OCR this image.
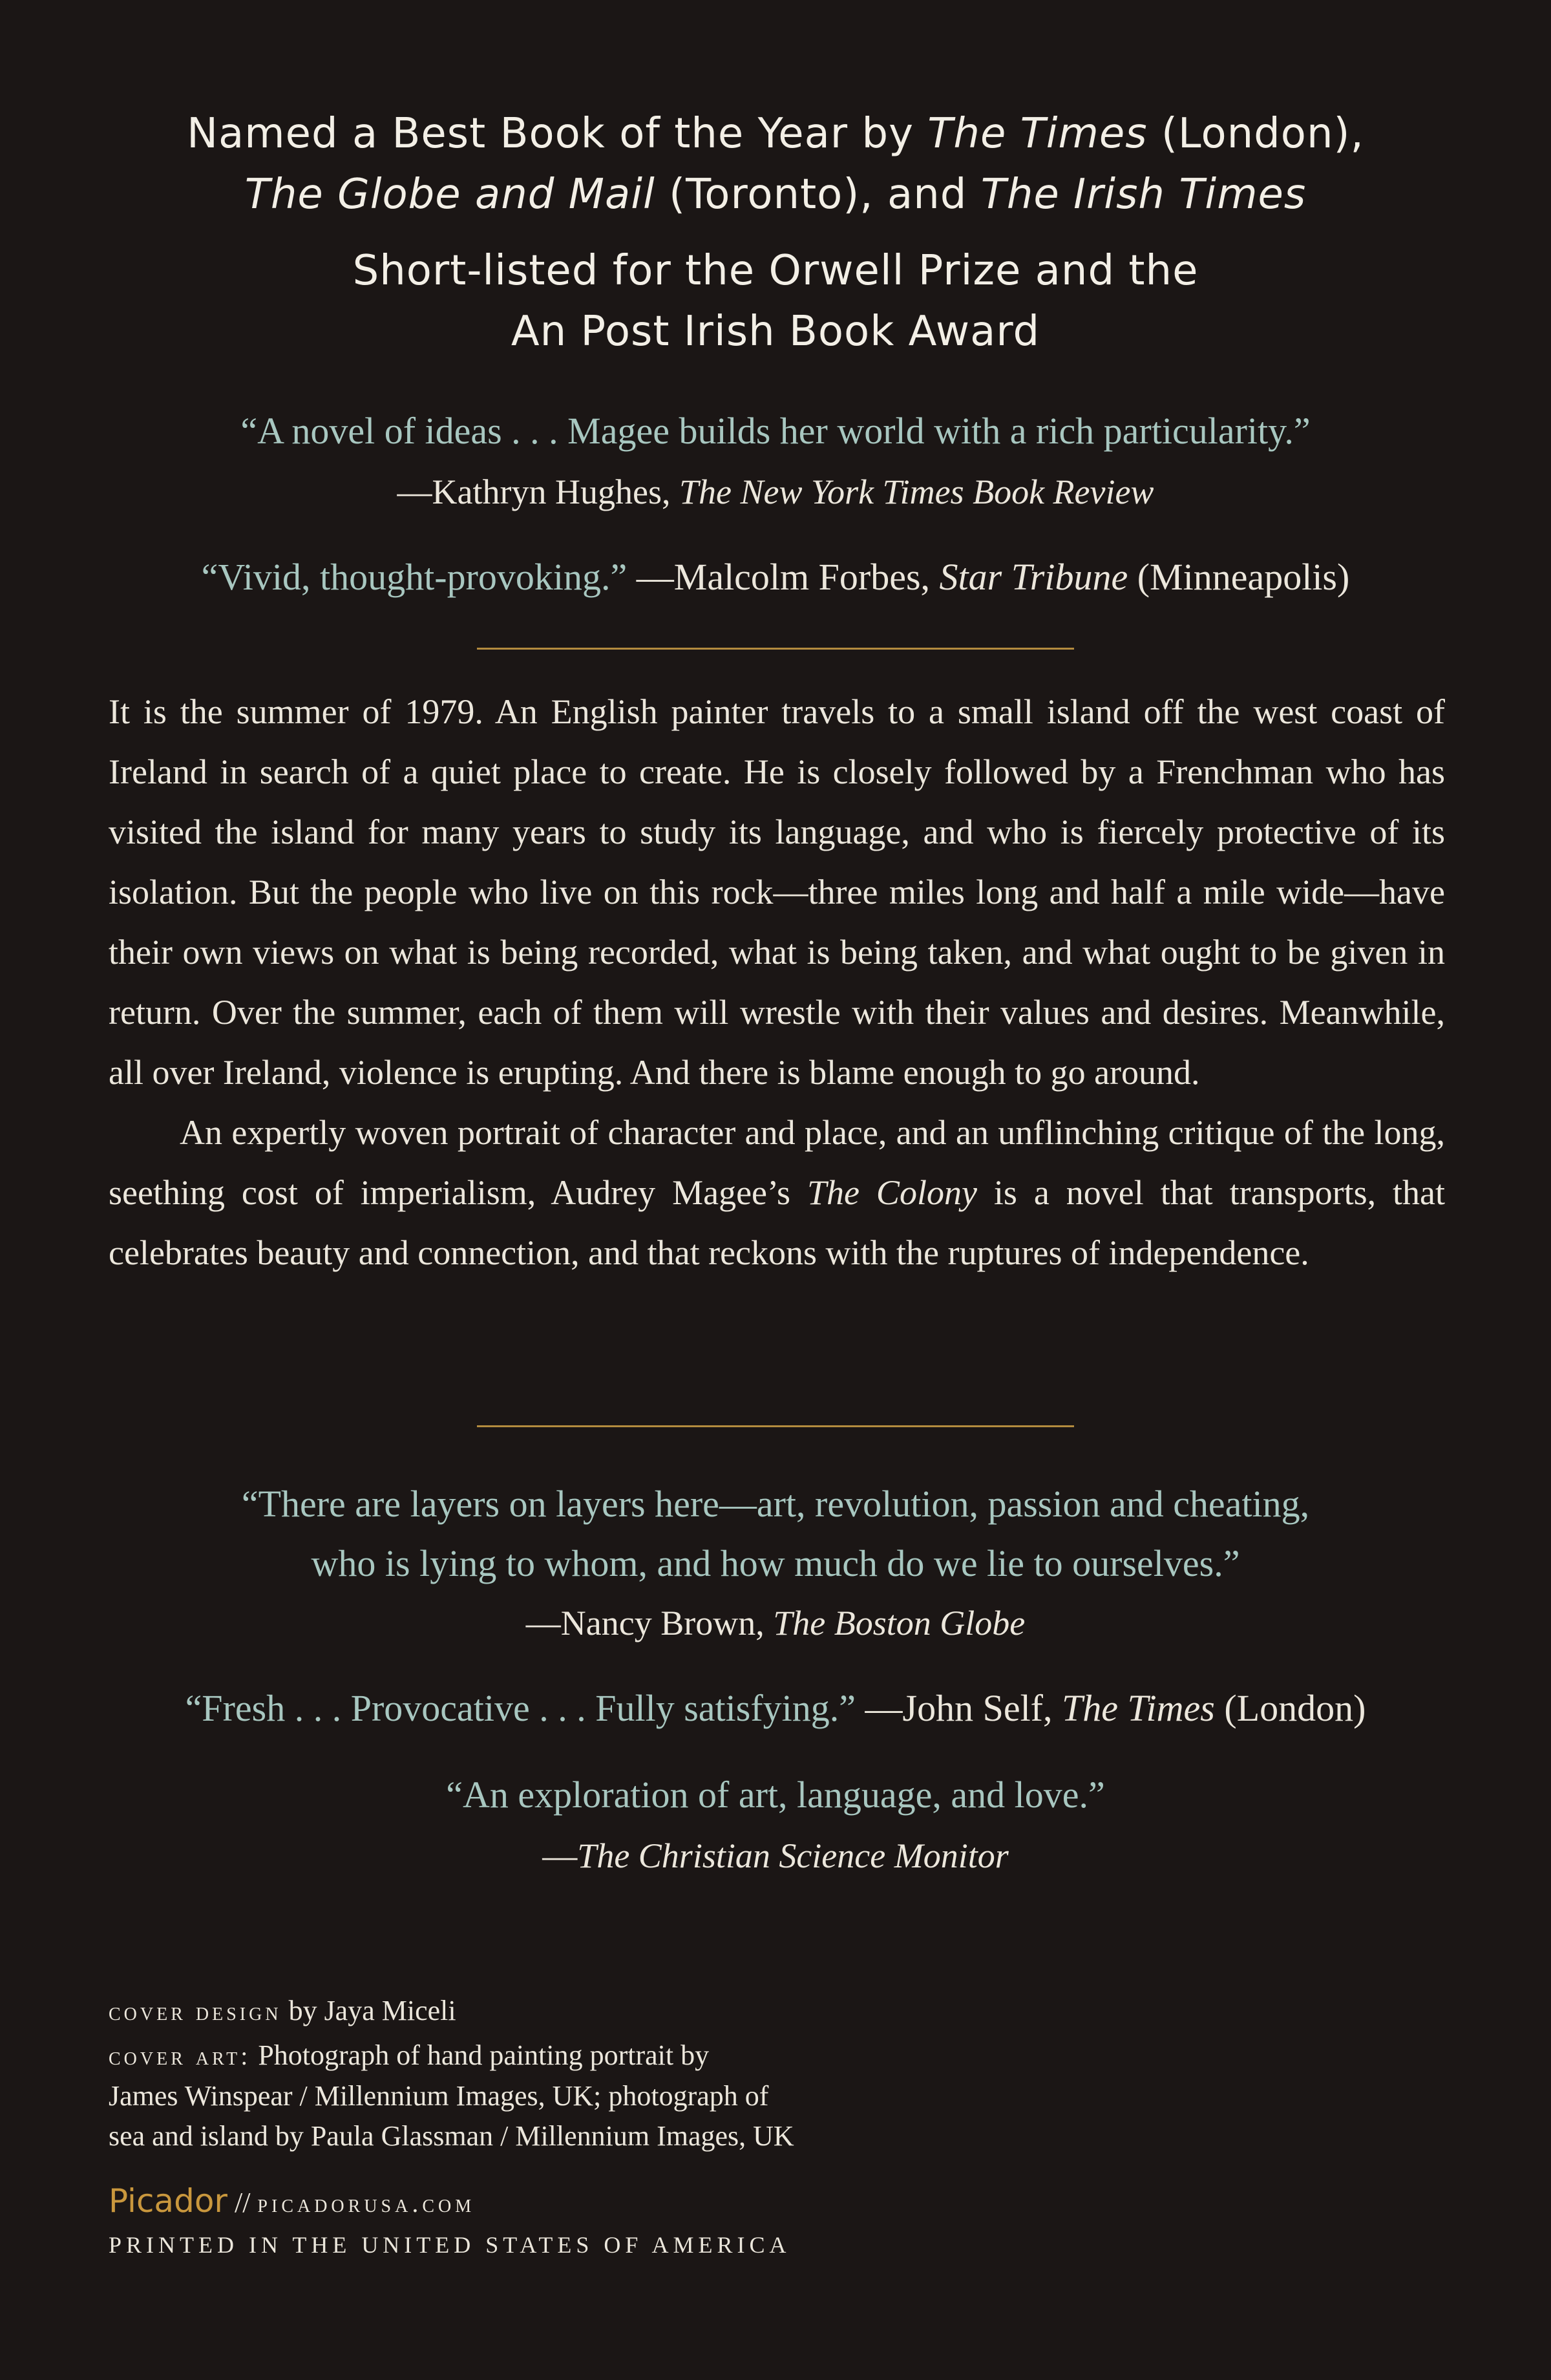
Named a Best Book of the Year by The Times (London),
The Globe and Mail (Toronto), and The Irish Times
Short-listed for the Orwell Prize and the
An Post Irish Book Award
“A novel of ideas . . . Magee builds her world with a rich particularity.”
—Kathryn Hughes, The New York Times Book Review
“Vivid, thought-provoking.” —Malcolm Forbes, Star Tribune (Minneapolis)

It is the summer of 1979. An English painter travels to a small island off the west coast of Ireland in search of a quiet place to create. He is closely followed by a Frenchman who has visited the island for many years to study its language, and who is fiercely protective of its isolation. But the people who live on this rock—three miles long and half a mile wide—have their own views on what is being recorded, what is being taken, and what ought to be given in return. Over the summer, each of them will wrestle with their values and desires. Meanwhile, all over Ireland, violence is erupting. And there is blame enough to go around.

An expertly woven portrait of character and place, and an unflinching critique of the long, seething cost of imperialism, Audrey Magee’s The Colony is a novel that transports, that celebrates beauty and connection, and that reckons with the ruptures of independence.

“There are layers on layers here—art, revolution, passion and cheating,
who is lying to whom, and how much do we lie to ourselves.”
—Nancy Brown, The Boston Globe
“Fresh . . . Provocative . . . Fully satisfying.” —John Self, The Times (London)
“An exploration of art, language, and love.”
—The Christian Science Monitor
cover design by Jaya Miceli
cover art: Photograph of hand painting portrait by
James Winspear / Millennium Images, UK; photograph of
sea and island by Paula Glassman / Millennium Images, UK
Picador // picadorusa.com
PRINTED IN THE UNITED STATES OF AMERICA
